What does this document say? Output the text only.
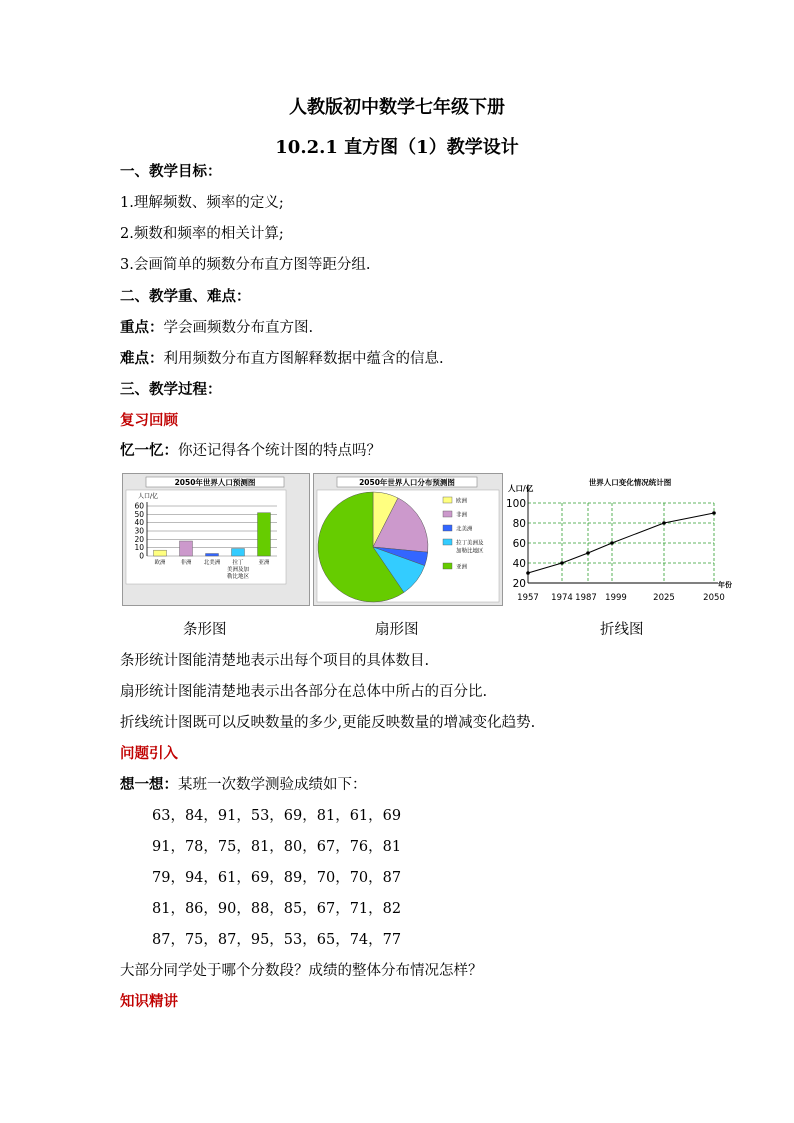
人教版初中数学七年级下册
10.2.1 直方图（1）教学设计
一、教学目标：
1.理解频数、频率的定义;
2.频数和频率的相关计算;
3.会画简单的频数分布直方图等距分组.
二、教学重、难点：
重点：学会画频数分布直方图.
难点：利用频数分布直方图解释数据中蕴含的信息.
三、教学过程：
复习回顾
忆一忆：你还记得各个统计图的特点吗？
2050年世界人口预测图
人口/亿
0
10
20
30
40
50
60
欧洲	非洲 北美洲 拉丁	亚洲
美洲及加
勒比地区
2050年世界人口分布预测图
欧洲
非洲
北美洲
拉丁美洲及
加勒比地区
亚洲
世界人口变化情况统计图
人口/亿
年份
20
40
60
80
100
1957 1974 1987 1999	2025	2050
条形图	扇形图	折线图
条形统计图能清楚地表示出每个项目的具体数目.
扇形统计图能清楚地表示出各部分在总体中所占的百分比.
折线统计图既可以反映数量的多少,更能反映数量的增减变化趋势.
问题引入
想一想：某班一次数学测验成绩如下：
63，84，91，53，69，81，61，69
91，78，75，81，80，67，76，81
79，94，61，69，89，70，70，87
81，86，90，88，85，67，71，82
87，75，87，95，53，65，74，77
大部分同学处于哪个分数段？成绩的整体分布情况怎样？
知识精讲
